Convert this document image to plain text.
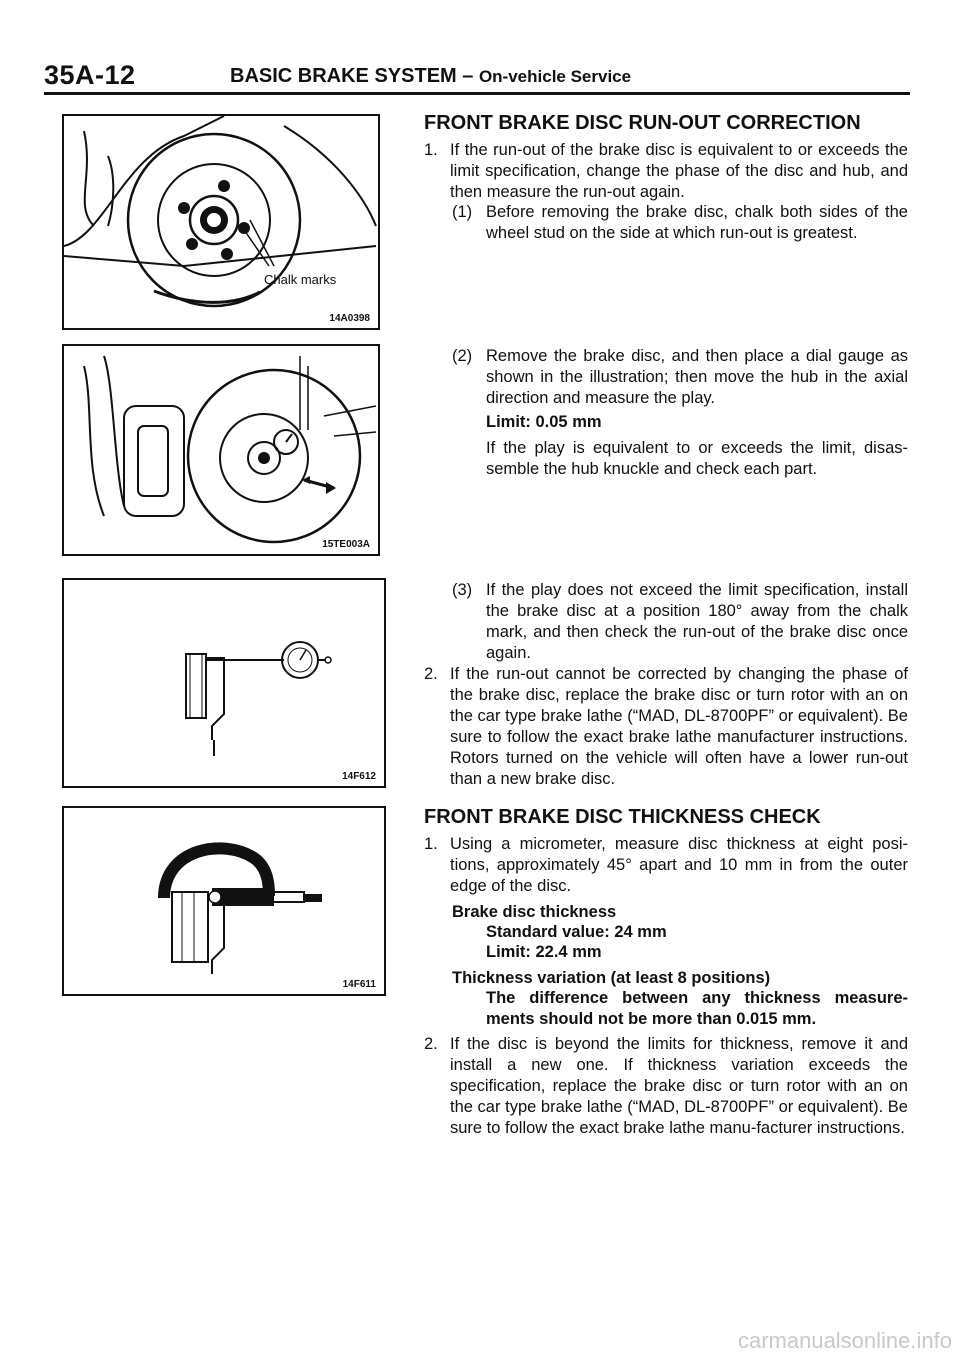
35A-12	BASIC BRAKE SYSTEM – On-vehicle Service
Chalk marks
14A0398
15TE003A
14F612
14F611
FRONT BRAKE DISC RUN-OUT CORRECTION
1. If the run-out of the brake disc is equivalent to or exceeds the limit specification, change the phase of the disc and hub, and then measure the run-out again.
(1) Before removing the brake disc, chalk both sides of the wheel stud on the side at which run-out is greatest.
(2) Remove the brake disc, and then place a dial gauge as shown in the illustration; then move the hub in the axial direction and measure the play.
Limit: 0.05 mm
If the play is equivalent to or exceeds the limit, disas-semble the hub knuckle and check each part.
(3) If the play does not exceed the limit specification, install the brake disc at a position 180° away from the chalk mark, and then check the run-out of the brake disc once again.
2. If the run-out cannot be corrected by changing the phase of the brake disc, replace the brake disc or turn rotor with an on the car type brake lathe (“MAD, DL-8700PF” or equivalent). Be sure to follow the exact brake lathe manufacturer instructions. Rotors turned on the vehicle will often have a lower run-out than a new brake disc.
FRONT BRAKE DISC THICKNESS CHECK
1. Using a micrometer, measure disc thickness at eight posi-tions, approximately 45° apart and 10 mm in from the outer edge of the disc.
Brake disc thickness
Standard value: 24 mm
Limit: 22.4 mm
Thickness variation (at least 8 positions)
The difference between any thickness measure-ments should not be more than 0.015 mm.
2. If the disc is beyond the limits for thickness, remove it and install a new one. If thickness variation exceeds the specification, replace the brake disc or turn rotor with an on the car type brake lathe (“MAD, DL-8700PF” or equivalent). Be sure to follow the exact brake lathe manu-facturer instructions.
carmanualsonline.info
